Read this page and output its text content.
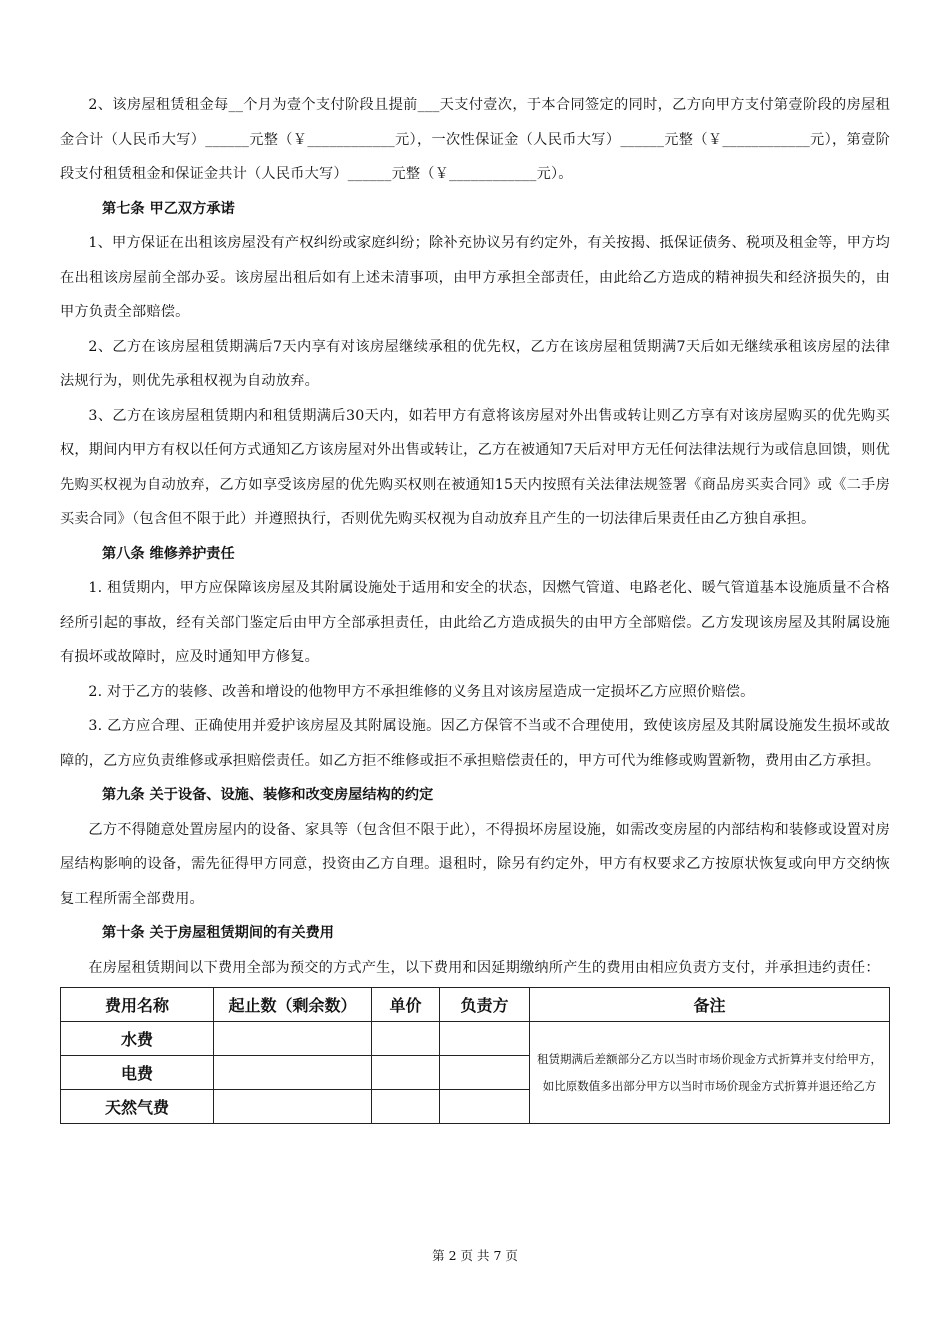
2、该房屋租赁租金每__个月为壹个支付阶段且提前___天支付壹次，于本合同签定的同时，乙方向甲方支付第壹阶段的房屋租金合计（人民币大写）______元整（￥____________元），一次性保证金（人民币大写）______元整（￥____________元），第壹阶段支付租赁租金和保证金共计（人民币大写）______元整（￥____________元）。

第七条 甲乙双方承诺

1、甲方保证在出租该房屋没有产权纠纷或家庭纠纷；除补充协议另有约定外，有关按揭、抵保证债务、税项及租金等，甲方均在出租该房屋前全部办妥。该房屋出租后如有上述未清事项，由甲方承担全部责任，由此给乙方造成的精神损失和经济损失的，由甲方负责全部赔偿。

2、乙方在该房屋租赁期满后7天内享有对该房屋继续承租的优先权，乙方在该房屋租赁期满7天后如无继续承租该房屋的法律法规行为，则优先承租权视为自动放弃。

3、乙方在该房屋租赁期内和租赁期满后30天内，如若甲方有意将该房屋对外出售或转让则乙方享有对该房屋购买的优先购买权，期间内甲方有权以任何方式通知乙方该房屋对外出售或转让，乙方在被通知7天后对甲方无任何法律法规行为或信息回馈，则优先购买权视为自动放弃，乙方如享受该房屋的优先购买权则在被通知15天内按照有关法律法规签署《商品房买卖合同》或《二手房买卖合同》（包含但不限于此）并遵照执行，否则优先购买权视为自动放弃且产生的一切法律后果责任由乙方独自承担。

第八条 维修养护责任

1. 租赁期内，甲方应保障该房屋及其附属设施处于适用和安全的状态，因燃气管道、电路老化、暖气管道基本设施质量不合格经所引起的事故，经有关部门鉴定后由甲方全部承担责任，由此给乙方造成损失的由甲方全部赔偿。乙方发现该房屋及其附属设施有损坏或故障时，应及时通知甲方修复。

2. 对于乙方的装修、改善和增设的他物甲方不承担维修的义务且对该房屋造成一定损坏乙方应照价赔偿。

3. 乙方应合理、正确使用并爱护该房屋及其附属设施。因乙方保管不当或不合理使用，致使该房屋及其附属设施发生损坏或故障的，乙方应负责维修或承担赔偿责任。如乙方拒不维修或拒不承担赔偿责任的，甲方可代为维修或购置新物，费用由乙方承担。

第九条 关于设备、设施、装修和改变房屋结构的约定

乙方不得随意处置房屋内的设备、家具等（包含但不限于此），不得损坏房屋设施，如需改变房屋的内部结构和装修或设置对房屋结构影响的设备，需先征得甲方同意，投资由乙方自理。退租时，除另有约定外，甲方有权要求乙方按原状恢复或向甲方交纳恢复工程所需全部费用。

第十条 关于房屋租赁期间的有关费用

在房屋租赁期间以下费用全部为预交的方式产生，以下费用和因延期缴纳所产生的费用由相应负责方支付，并承担违约责任：

费用名称	起止数（剩余数）	单价	负责方	备注
水费				租赁期满后差额部分乙方以当时市场价现金方式折算并支付给甲方，如比原数值多出部分甲方以当时市场价现金方式折算并退还给乙方
电费				
天然气费				
第 2 页 共 7 页
